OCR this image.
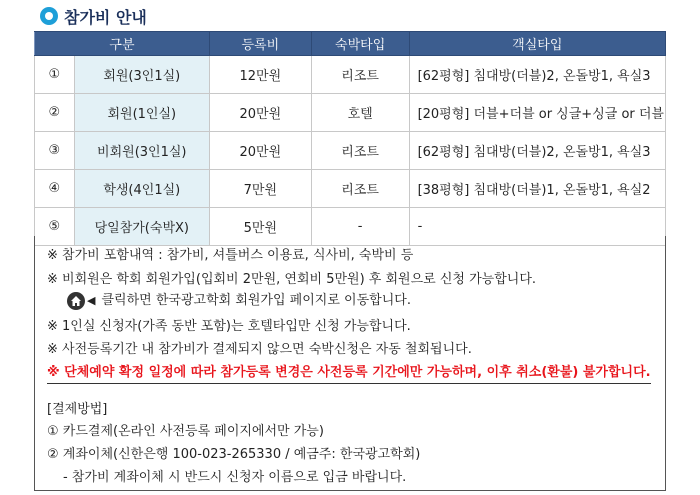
참가비 안내
구분		등록비	숙박타입	객실타입
①	회원(3인1실)	12만원	리조트	[62평형] 침대방(더블)2, 온돌방1, 욕실3
②	회원(1인실)	20만원	호텔	[20평형] 더블+더블 or 싱글+싱글 or 더블
③	비회원(3인1실)	20만원	리조트	[62평형] 침대방(더블)2, 온돌방1, 욕실3
④	학생(4인1실)	7만원	리조트	[38평형] 침대방(더블)1, 온돌방1, 욕실2
⑤	당일참가(숙박X)	5만원	-	-
※ 참가비 포함내역 : 참가비, 셔틀버스 이용료, 식사비, 숙박비 등
※ 비회원은 학회 회원가입(입회비 2만원, 연회비 5만원) 후 회원으로 신청 가능합니다.
◀ 클릭하면 한국광고학회 회원가입 페이지로 이동합니다.
※ 1인실 신청자(가족 동반 포함)는 호텔타입만 신청 가능합니다.
※ 사전등록기간 내 참가비가 결제되지 않으면 숙박신청은 자동 철회됩니다.
※ 단체예약 확정 일정에 따라 참가등록 변경은 사전등록 기간에만 가능하며, 이후 취소(환불) 불가합니다.
[결제방법]
① 카드결제(온라인 사전등록 페이지에서만 가능)
② 계좌이체(신한은행 100-023-265330 / 예금주: 한국광고학회)
- 참가비 계좌이체 시 반드시 신청자 이름으로 입금 바랍니다.
